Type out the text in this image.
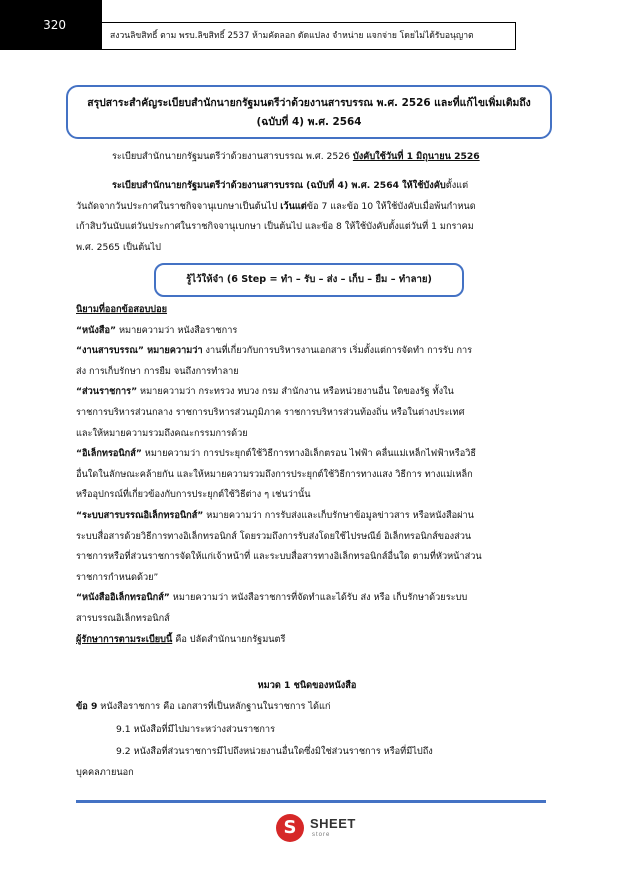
320
สงวนลิขสิทธิ์ ตาม พรบ.ลิขสิทธิ์ 2537 ห้ามคัดลอก ดัดแปลง จำหน่าย แจกจ่าย โดยไม่ได้รับอนุญาต
สรุปสาระสำคัญระเบียบสำนักนายกรัฐมนตรีว่าด้วยงานสารบรรณ พ.ศ. 2526 และที่แก้ไขเพิ่มเติมถึง
(ฉบับที่ 4) พ.ศ. 2564
ระเบียบสำนักนายกรัฐมนตรีว่าด้วยงานสารบรรณ พ.ศ. 2526 บังคับใช้วันที่ 1 มิถุนายน 2526
ระเบียบสำนักนายกรัฐมนตรีว่าด้วยงานสารบรรณ (ฉบับที่ 4) พ.ศ. 2564 ให้ใช้บังคับตั้งแต่
วันถัดจากวันประกาศในราชกิจจานุเบกษาเป็นต้นไป เว้นแต่ข้อ 7 และข้อ 10 ให้ใช้บังคับเมื่อพ้นกำหนด
เก้าสิบวันนับแต่วันประกาศในราชกิจจานุเบกษา เป็นต้นไป และข้อ 8 ให้ใช้บังคับตั้งแต่วันที่ 1 มกราคม
พ.ศ. 2565 เป็นต้นไป
รู้ไว้ให้จำ (6 Step = ทำ – รับ – ส่ง – เก็บ – ยืม – ทำลาย)
นิยามที่ออกข้อสอบบ่อย
“หนังสือ” หมายความว่า หนังสือราชการ
“งานสารบรรณ” หมายความว่า งานที่เกี่ยวกับการบริหารงานเอกสาร เริ่มตั้งแต่การจัดทำ การรับ การ
ส่ง การเก็บรักษา การยืม จนถึงการทำลาย
“ส่วนราชการ” หมายความว่า กระทรวง ทบวง กรม สำนักงาน หรือหน่วยงานอื่น ใดของรัฐ ทั้งใน
ราชการบริหารส่วนกลาง ราชการบริหารส่วนภูมิภาค ราชการบริหารส่วนท้องถิ่น หรือในต่างประเทศ
และให้หมายความรวมถึงคณะกรรมการด้วย
“อิเล็กทรอนิกส์” หมายความว่า การประยุกต์ใช้วิธีการทางอิเล็กตรอน ไฟฟ้า คลื่นแม่เหล็กไฟฟ้าหรือวิธี
อื่นใดในลักษณะคล้ายกัน และให้หมายความรวมถึงการประยุกต์ใช้วิธีการทางแสง วิธีการ ทางแม่เหล็ก
หรืออุปกรณ์ที่เกี่ยวข้องกับการประยุกต์ใช้วิธีต่าง ๆ เช่นว่านั้น
“ระบบสารบรรณอิเล็กทรอนิกส์” หมายความว่า การรับส่งและเก็บรักษาข้อมูลข่าวสาร หรือหนังสือผ่าน
ระบบสื่อสารด้วยวิธีการทางอิเล็กทรอนิกส์ โดยรวมถึงการรับส่งโดยใช้ไปรษณีย์ อิเล็กทรอนิกส์ของส่วน
ราชการหรือที่ส่วนราชการจัดให้แก่เจ้าหน้าที่ และระบบสื่อสารทางอิเล็กทรอนิกส์อื่นใด ตามที่หัวหน้าส่วน
ราชการกำหนดด้วย”
“หนังสืออิเล็กทรอนิกส์” หมายความว่า หนังสือราชการที่จัดทำและได้รับ ส่ง หรือ เก็บรักษาด้วยระบบ
สารบรรณอิเล็กทรอนิกส์
ผู้รักษาการตามระเบียบนี้ คือ ปลัดสำนักนายกรัฐมนตรี
หมวด 1 ชนิดของหนังสือ
ข้อ 9 หนังสือราชการ คือ เอกสารที่เป็นหลักฐานในราชการ ได้แก่
9.1 หนังสือที่มีไปมาระหว่างส่วนราชการ
9.2 หนังสือที่ส่วนราชการมีไปถึงหน่วยงานอื่นใดซึ่งมิใช่ส่วนราชการ หรือที่มีไปถึง
บุคคลภายนอก
S	SHEET
store
